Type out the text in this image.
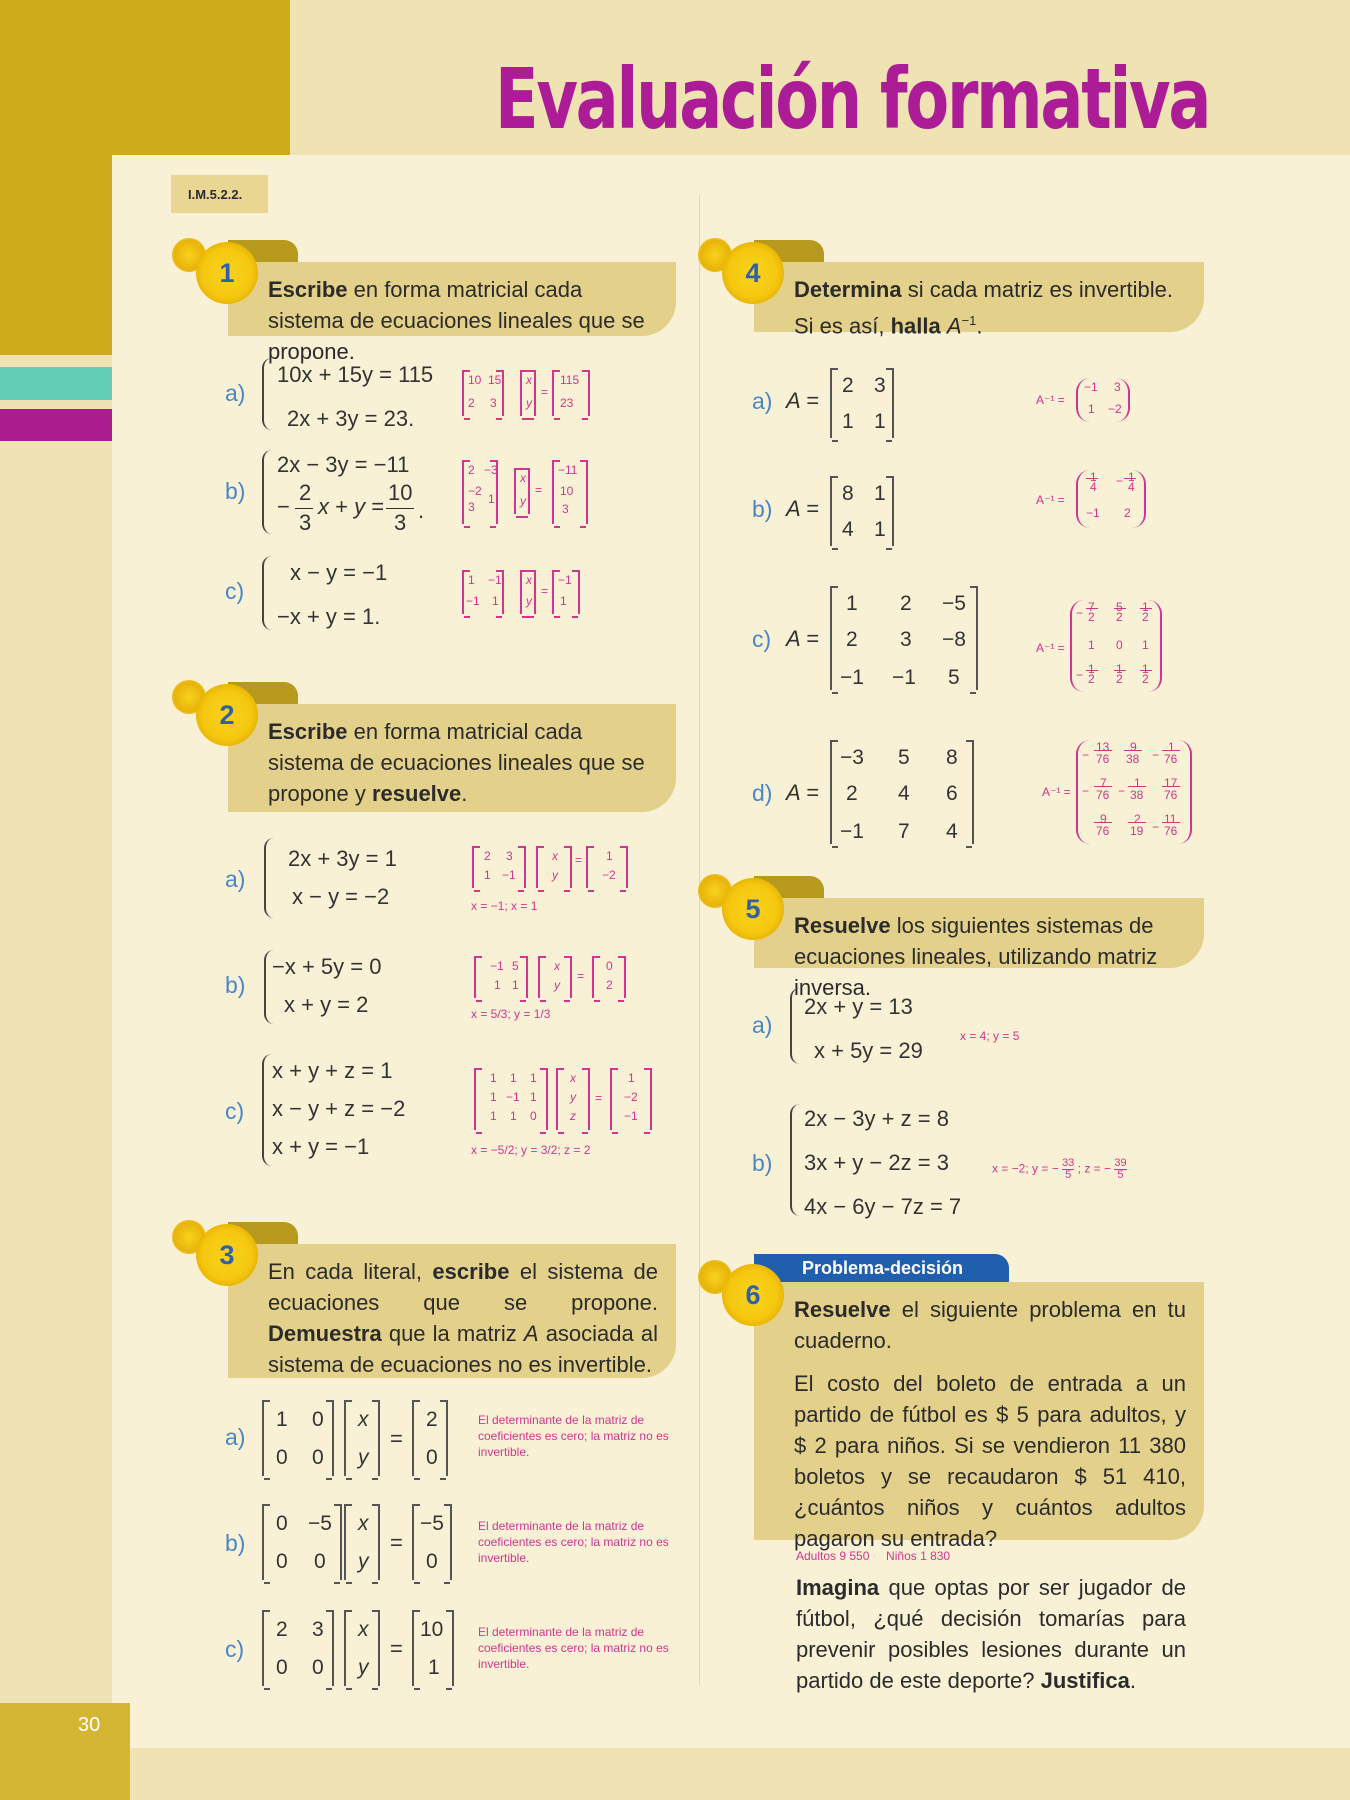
Evaluación formativa
I.M.5.2.2.
30
Escribe en forma matricial cada sistema de ecuaciones lineales que se propone.
1
a)
10x + 15y = 115
2x + 3y = 23.
10 15
2 3
x
y
=
115
23
b)
2x − 3y = −11
−
2
3
x + y =
10
3 .
2 −3
−2
3
1
x
y
=
−11
10
3
c)
x − y = −1
−x + y = 1.
1 −1
−1 1
x
y
=
−1
1
Escribe en forma matricial cada sistema de ecuaciones lineales que se propone y resuelve.
2
a)
2x + 3y = 1
x − y = −2
2 3
1 −1
x
y
= 1
−2
x = −1; x = 1
b)
−x + 5y = 0
x + y = 2
−1 5
1 1
x
y
=
0
2
x = 5/3; y = 1/3
c)
x + y + z = 1
x − y + z = −2
x + y = −1
1 1 1
1 −1 1
1 1 0
x
y
z
=
1
−2
−1
x = −5/2; y = 3/2; z = 2
En cada literal, escribe el sistema de ecuaciones que se propone. Demuestra que la matriz A asociada al sistema de ecuaciones no es invertible.
3
a)
1 0
0 0
x
y
=
2
0
El determinante de la matriz de coeficientes es cero; la matriz no es invertible.
b)
0 −5
0 0
x
y
=
−5
0
El determinante de la matriz de coeficientes es cero; la matriz no es invertible.
c)
2 3
0 0
x
y
=
10
1
El determinante de la matriz de coeficientes es cero; la matriz no es invertible.
Determina si cada matriz es invertible. Si es así, halla $A^{-1}$.
4
a) A =
2 3
1 1
A⁻¹ =
−1 3
1 −2
b) A =
8 1
4 1
A⁻¹ =
1
4 − 1
4
−1 2
c) A =
1 2 −5
2 3 −8
−1 −1 5
A⁻¹ =
− 7
2
5
2
1
2
1 0 1
− 1
2
1
2
1
2
d) A =
−3 5 8
2 4 6
−1 7 4
A⁻¹ =
−
13
76
9
38 −
1
76
−
7
76 −
1
38
17
76
9
76
2
19 −
11
76
Resuelve los siguientes sistemas de ecuaciones lineales, utilizando matriz inversa.
5
a)
2x + y = 13
x + 5y = 29
x = 4; y = 5
b)
2x − 3y + z = 8
3x + y − 2z = 3
4x − 6y − 7z = 7
x = −2; y = − $\frac{33}{5}$ ; z = − $\frac{39}{5}$
Problema-decisión
Resuelve el siguiente problema en tu cuaderno.
El costo del boleto de entrada a un partido de fútbol es $ 5 para adultos, y $ 2 para niños. Si se vendieron 11 380 boletos y se recaudaron $ 51 410, ¿cuántos niños y cuántos adultos pagaron su entrada?
6
Adultos 9 550     Niños 1 830
Imagina que optas por ser jugador de fútbol, ¿qué decisión tomarías para prevenir posibles lesiones durante un partido de este deporte? Justifica.
